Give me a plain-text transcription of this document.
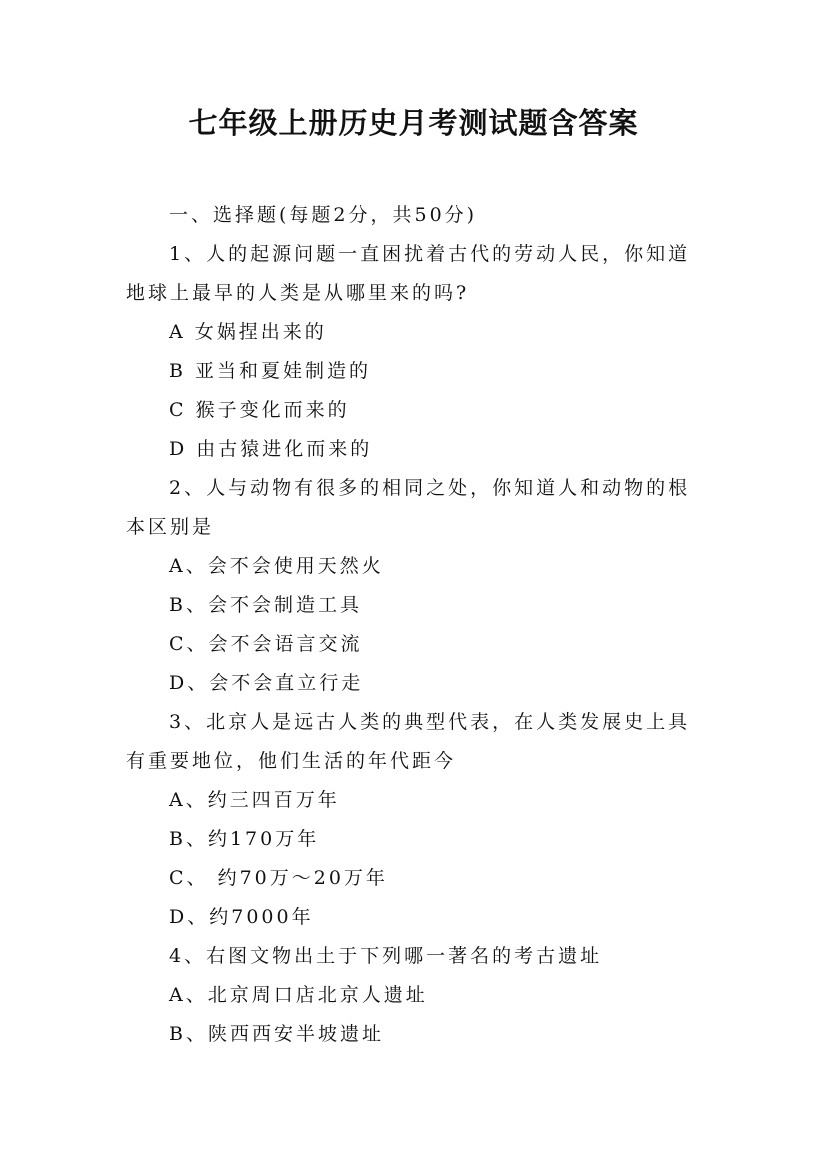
七年级上册历史月考测试题含答案

一、选择题(每题2分，共50分)

1、人的起源问题一直困扰着古代的劳动人民，你知道

地球上最早的人类是从哪里来的吗?

A 女娲捏出来的

B 亚当和夏娃制造的

C 猴子变化而来的

D 由古猿进化而来的

2、人与动物有很多的相同之处，你知道人和动物的根

本区别是

A、会不会使用天然火

B、会不会制造工具

C、会不会语言交流

D、会不会直立行走

3、北京人是远古人类的典型代表，在人类发展史上具

有重要地位，他们生活的年代距今

A、约三四百万年

B、约170万年

C、 约70万～20万年

D、约7000年

4、右图文物出土于下列哪一著名的考古遗址

A、北京周口店北京人遗址

B、陕西西安半坡遗址
